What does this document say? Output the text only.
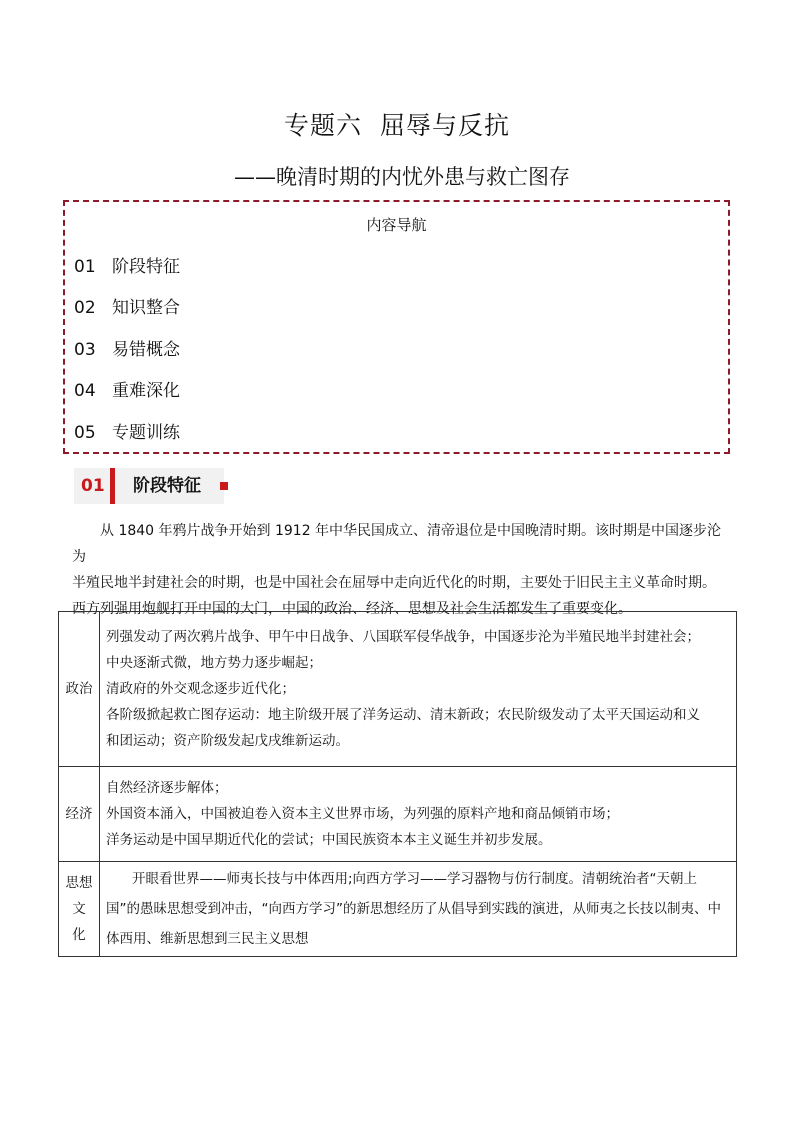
专题六 屈辱与反抗
——晚清时期的内忧外患与救亡图存
内容导航
01 阶段特征
02 知识整合
03 易错概念
04 重难深化
05 专题训练
01 阶段特征

从 1840 年鸦片战争开始到 1912 年中华民国成立、清帝退位是中国晚清时期。该时期是中国逐步沦为
半殖民地半封建社会的时期，也是中国社会在屈辱中走向近代化的时期，主要处于旧民主主义革命时期。
西方列强用炮舰打开中国的大门，中国的政治、经济、思想及社会生活都发生了重要变化。

政治	列强发动了两次鸦片战争、甲午中日战争、八国联军侵华战争，中国逐步沦为半殖民地半封建社会；
中央逐渐式微，地方势力逐步崛起；
清政府的外交观念逐步近代化；
各阶级掀起救亡图存运动：地主阶级开展了洋务运动、清末新政；农民阶级发动了太平天国运动和义
和团运动；资产阶级发起戊戌维新运动。

经济	自然经济逐步解体；
外国资本涌入，中国被迫卷入资本主义世界市场，为列强的原料产地和商品倾销市场；
洋务运动是中国早期近代化的尝试；中国民族资本本主义诞生并初步发展。

思想文
化	开眼看世界——师夷长技与中体西用;向西方学习——学习器物与仿行制度。清朝统治者“天朝上国”的愚昧思想受到冲击，“向西方学习”的新思想经历了从倡导到实践的演进，从师夷之长技以制夷、中体西用、维新思想到三民主义思想
